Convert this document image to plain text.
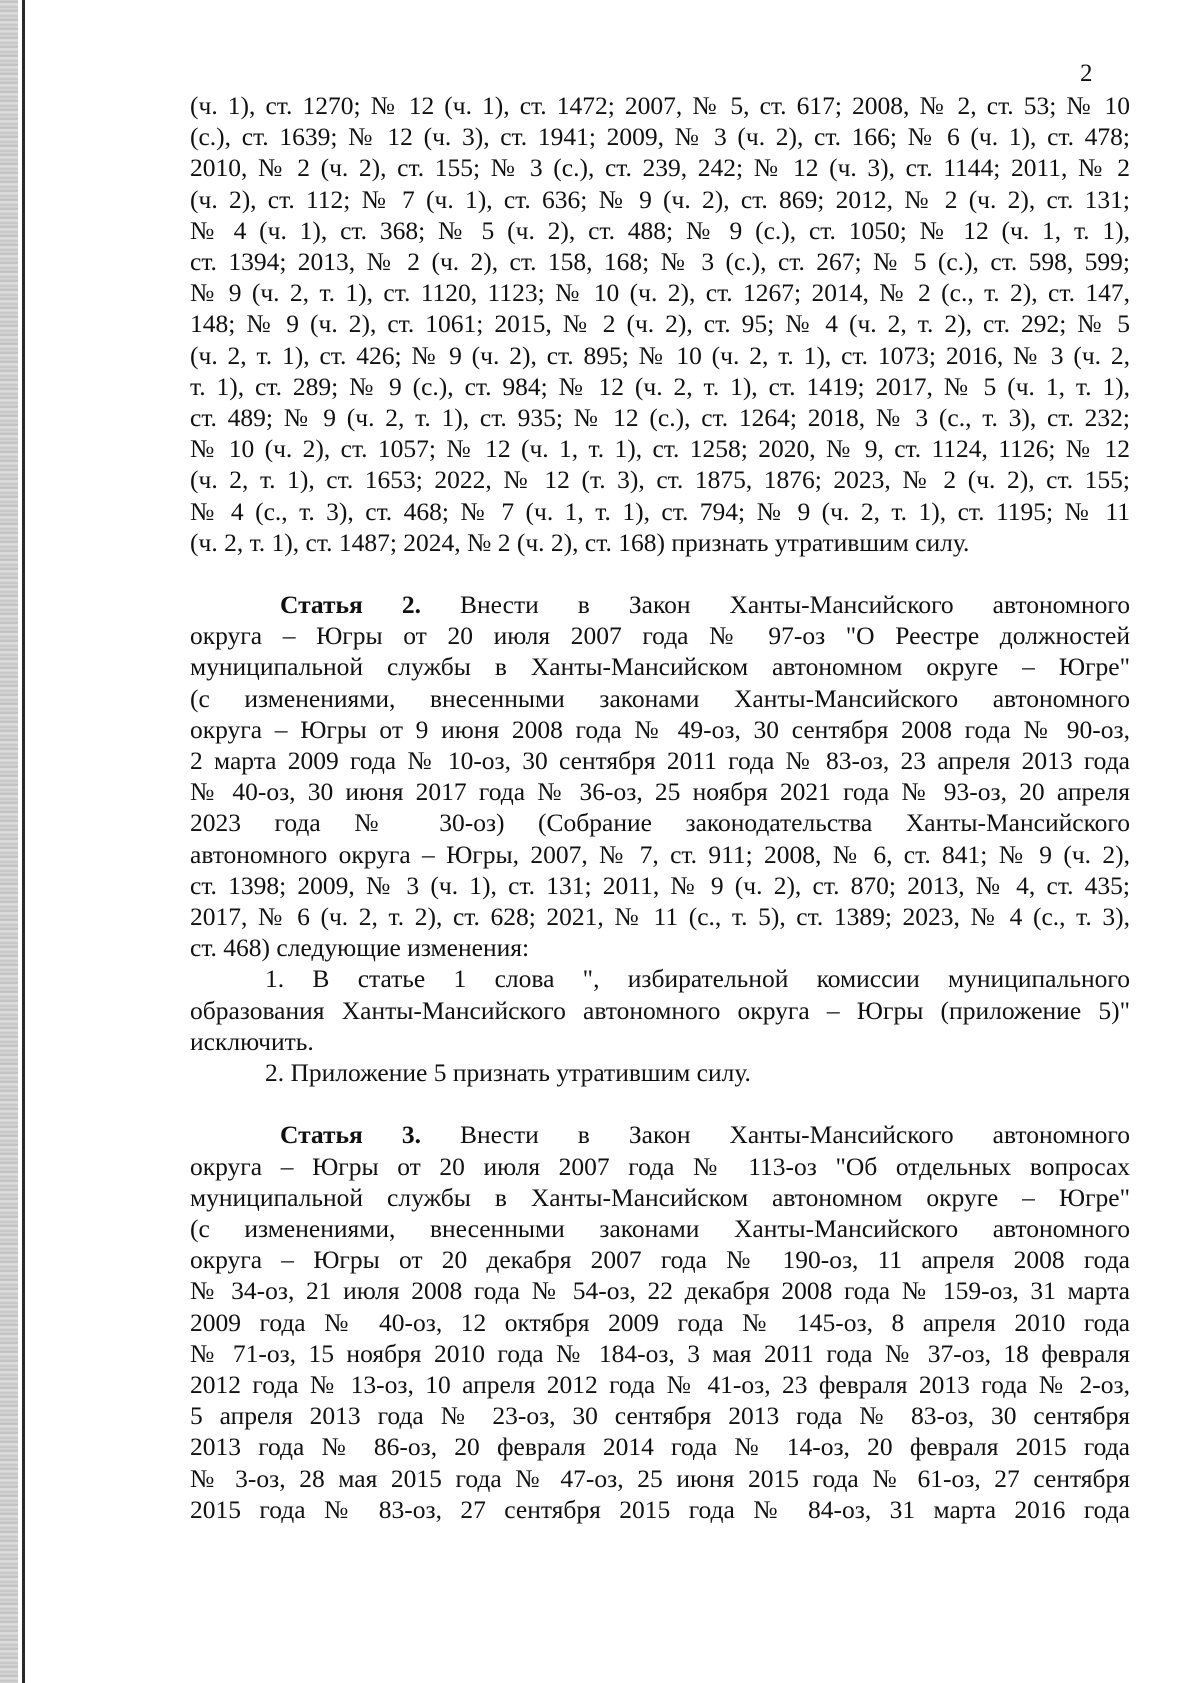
2
(ч. 1), ст. 1270; № 12 (ч. 1), ст. 1472; 2007, № 5, ст. 617; 2008, № 2, ст. 53; № 10
(с.), ст. 1639; № 12 (ч. 3), ст. 1941; 2009, № 3 (ч. 2), ст. 166; № 6 (ч. 1), ст. 478;
2010, № 2 (ч. 2), ст. 155; № 3 (с.), ст. 239, 242; № 12 (ч. 3), ст. 1144; 2011, № 2
(ч. 2), ст. 112; № 7 (ч. 1), ст. 636; № 9 (ч. 2), ст. 869; 2012, № 2 (ч. 2), ст. 131;
№ 4 (ч. 1), ст. 368; № 5 (ч. 2), ст. 488; № 9 (с.), ст. 1050; № 12 (ч. 1, т. 1),
ст. 1394; 2013, № 2 (ч. 2), ст. 158, 168; № 3 (с.), ст. 267; № 5 (с.), ст. 598, 599;
№ 9 (ч. 2, т. 1), ст. 1120, 1123; № 10 (ч. 2), ст. 1267; 2014, № 2 (с., т. 2), ст. 147,
148; № 9 (ч. 2), ст. 1061; 2015, № 2 (ч. 2), ст. 95; № 4 (ч. 2, т. 2), ст. 292; № 5
(ч. 2, т. 1), ст. 426; № 9 (ч. 2), ст. 895; № 10 (ч. 2, т. 1), ст. 1073; 2016, № 3 (ч. 2,
т. 1), ст. 289; № 9 (с.), ст. 984; № 12 (ч. 2, т. 1), ст. 1419; 2017, № 5 (ч. 1, т. 1),
ст. 489; № 9 (ч. 2, т. 1), ст. 935; № 12 (с.), ст. 1264; 2018, № 3 (с., т. 3), ст. 232;
№ 10 (ч. 2), ст. 1057; № 12 (ч. 1, т. 1), ст. 1258; 2020, № 9, ст. 1124, 1126; № 12
(ч. 2, т. 1), ст. 1653; 2022, № 12 (т. 3), ст. 1875, 1876; 2023, № 2 (ч. 2), ст. 155;
№ 4 (с., т. 3), ст. 468; № 7 (ч. 1, т. 1), ст. 794; № 9 (ч. 2, т. 1), ст. 1195; № 11
(ч. 2, т. 1), ст. 1487; 2024, № 2 (ч. 2), ст. 168) признать утратившим силу.
Статья 2. Внести в Закон Ханты-Мансийского автономного
округа – Югры от 20 июля 2007 года № 97-оз "О Реестре должностей
муниципальной службы в Ханты-Мансийском автономном округе – Югре"
(с изменениями, внесенными законами Ханты-Мансийского автономного
округа – Югры от 9 июня 2008 года № 49-оз, 30 сентября 2008 года № 90-оз,
2 марта 2009 года № 10-оз, 30 сентября 2011 года № 83-оз, 23 апреля 2013 года
№ 40-оз, 30 июня 2017 года № 36-оз, 25 ноября 2021 года № 93-оз, 20 апреля
2023 года № 30-оз) (Собрание законодательства Ханты-Мансийского
автономного округа – Югры, 2007, № 7, ст. 911; 2008, № 6, ст. 841; № 9 (ч. 2),
ст. 1398; 2009, № 3 (ч. 1), ст. 131; 2011, № 9 (ч. 2), ст. 870; 2013, № 4, ст. 435;
2017, № 6 (ч. 2, т. 2), ст. 628; 2021, № 11 (с., т. 5), ст. 1389; 2023, № 4 (с., т. 3),
ст. 468) следующие изменения:
1. В статье 1 слова ", избирательной комиссии муниципального
образования Ханты-Мансийского автономного округа – Югры (приложение 5)"
исключить.
2. Приложение 5 признать утратившим силу.
Статья 3. Внести в Закон Ханты-Мансийского автономного
округа – Югры от 20 июля 2007 года № 113-оз "Об отдельных вопросах
муниципальной службы в Ханты-Мансийском автономном округе – Югре"
(с изменениями, внесенными законами Ханты-Мансийского автономного
округа – Югры от 20 декабря 2007 года № 190-оз, 11 апреля 2008 года
№ 34-оз, 21 июля 2008 года № 54-оз, 22 декабря 2008 года № 159-оз, 31 марта
2009 года № 40-оз, 12 октября 2009 года № 145-оз, 8 апреля 2010 года
№ 71-оз, 15 ноября 2010 года № 184-оз, 3 мая 2011 года № 37-оз, 18 февраля
2012 года № 13-оз, 10 апреля 2012 года № 41-оз, 23 февраля 2013 года № 2-оз,
5 апреля 2013 года № 23-оз, 30 сентября 2013 года № 83-оз, 30 сентября
2013 года № 86-оз, 20 февраля 2014 года № 14-оз, 20 февраля 2015 года
№ 3-оз, 28 мая 2015 года № 47-оз, 25 июня 2015 года № 61-оз, 27 сентября
2015 года № 83-оз, 27 сентября 2015 года № 84-оз, 31 марта 2016 года
